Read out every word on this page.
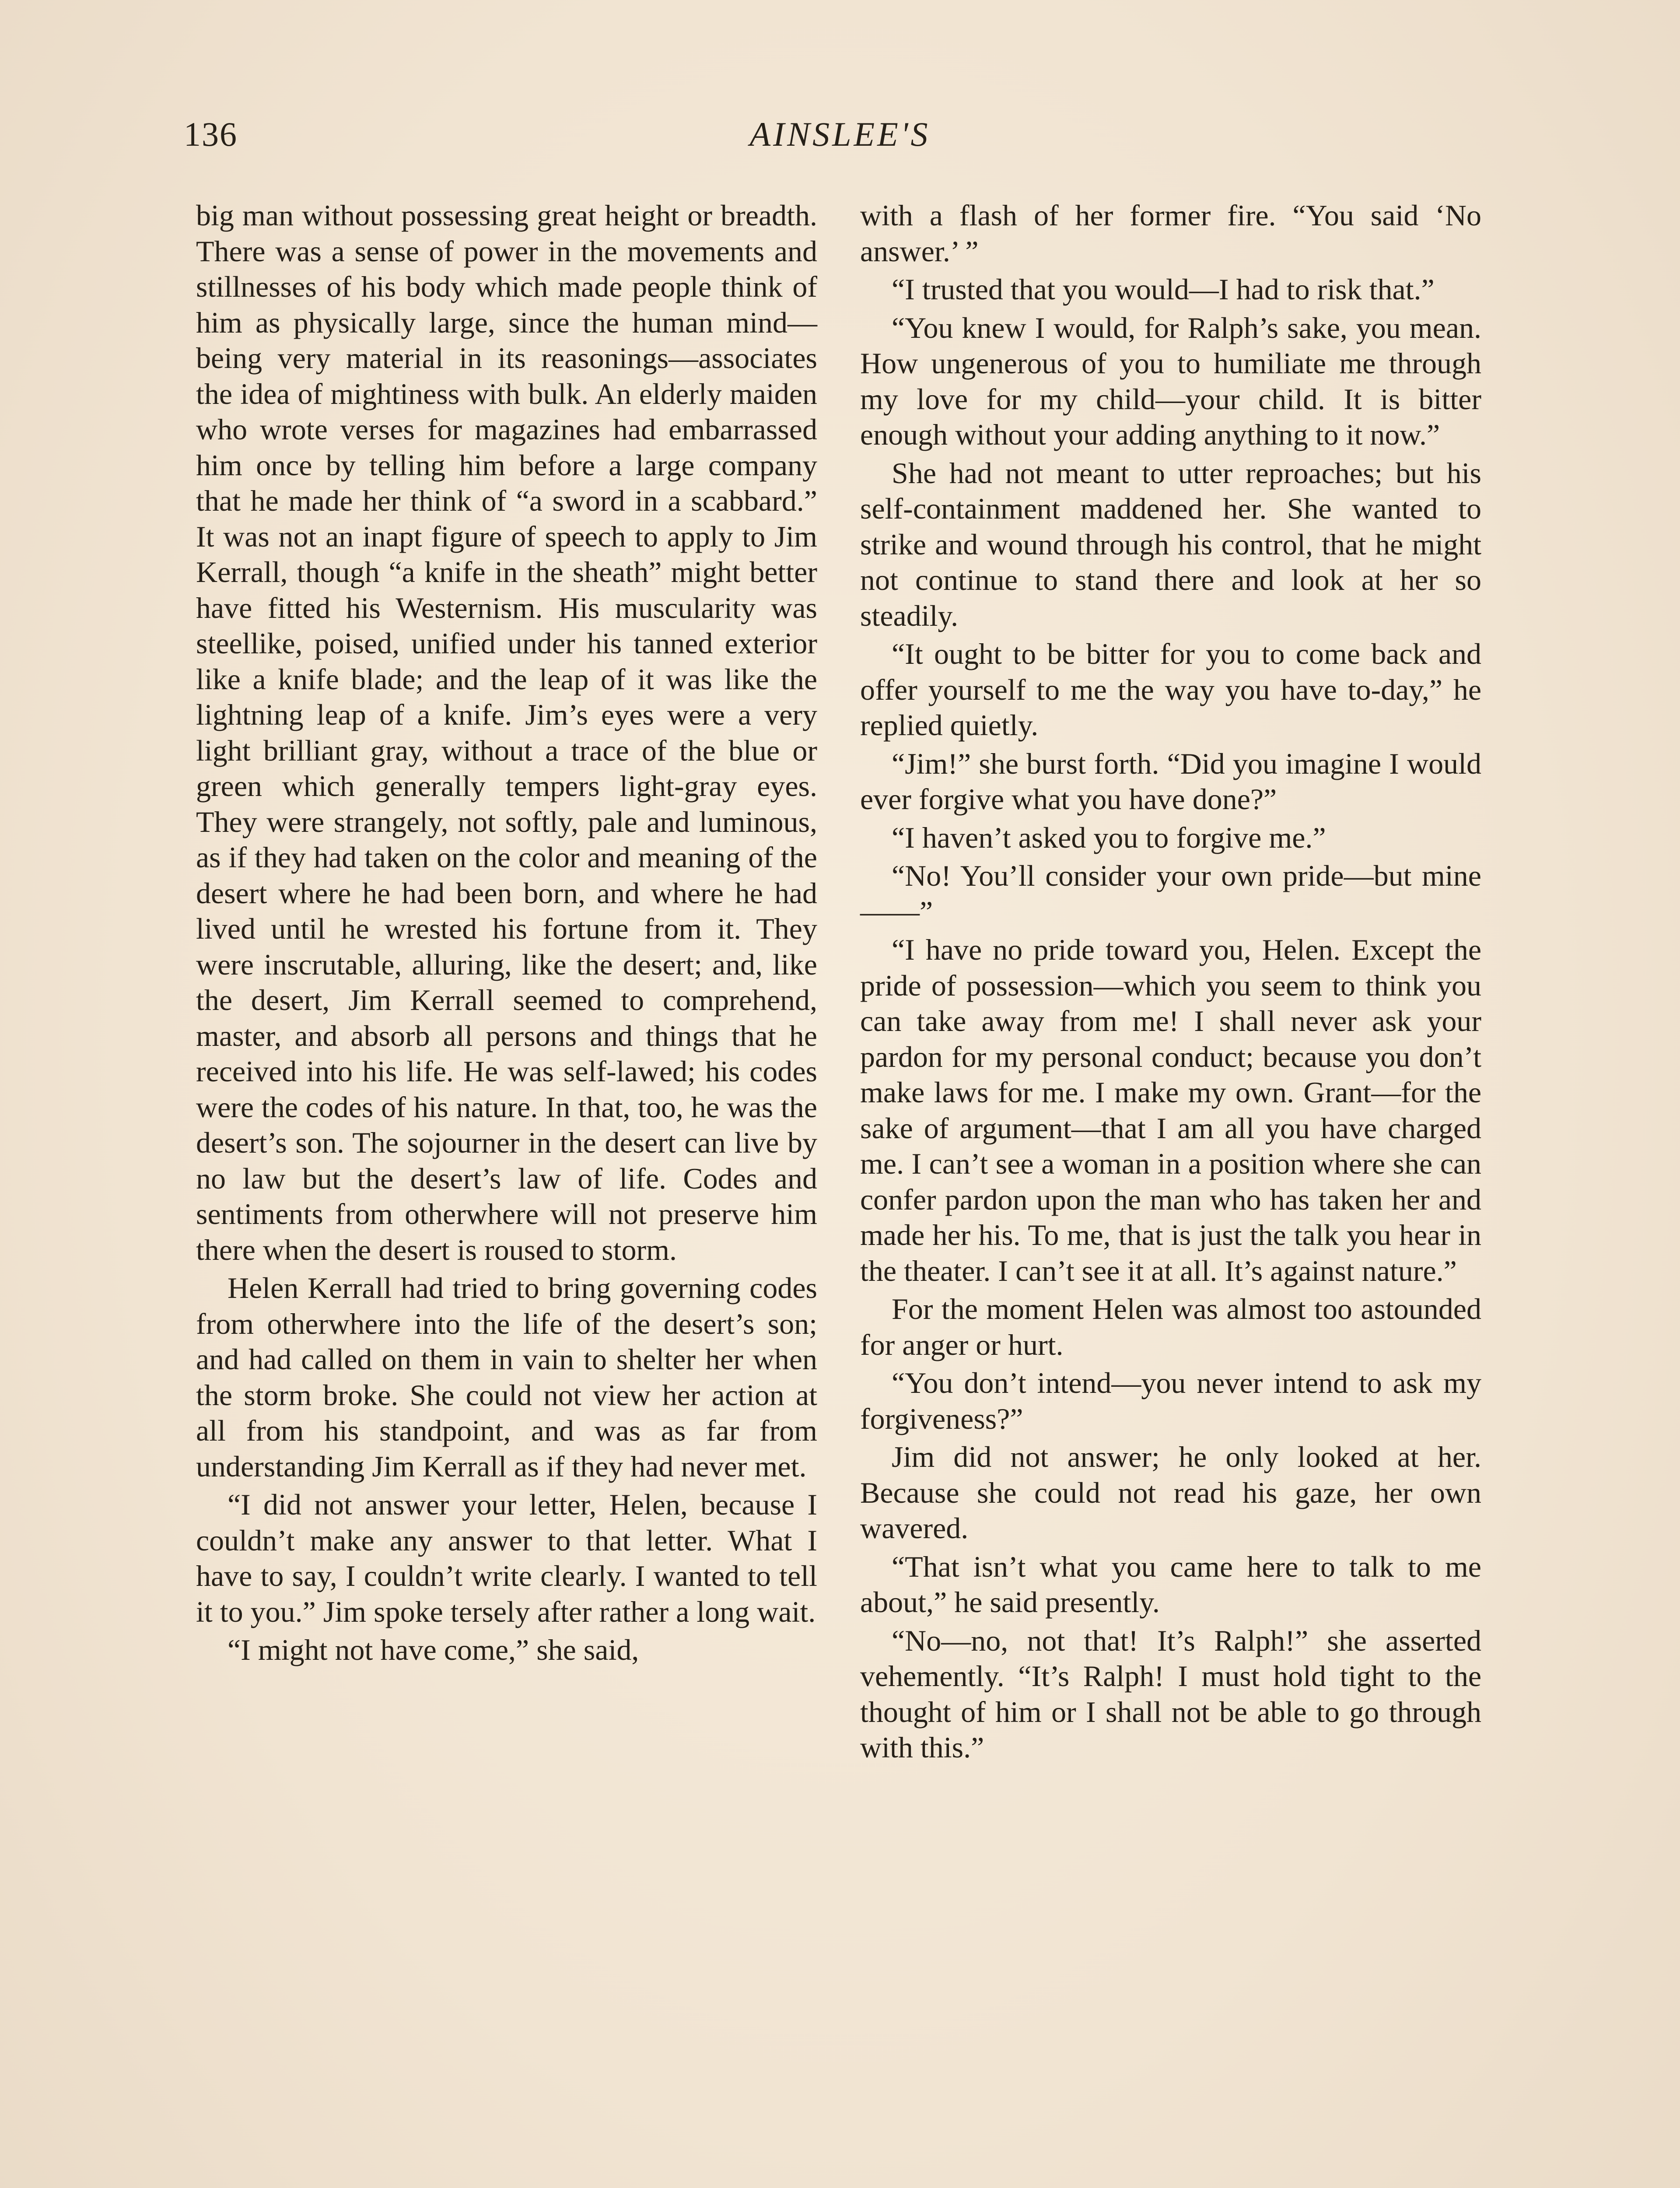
136	AINSLEE'S

big man without possessing great height or breadth. There was a sense of power in the movements and stillnesses of his body which made people think of him as physically large, since the human mind—being very material in its reasonings—associates the idea of mightiness with bulk. An elderly maiden who wrote verses for magazines had embarrassed him once by telling him before a large company that he made her think of “a sword in a scabbard.” It was not an inapt figure of speech to apply to Jim Kerrall, though “a knife in the sheath” might better have fitted his Westernism. His muscularity was steellike, poised, unified under his tanned exterior like a knife blade; and the leap of it was like the lightning leap of a knife. Jim’s eyes were a very light brilliant gray, without a trace of the blue or green which generally tempers light-gray eyes. They were strangely, not softly, pale and luminous, as if they had taken on the color and meaning of the desert where he had been born, and where he had lived until he wrested his fortune from it. They were inscrutable, alluring, like the desert; and, like the desert, Jim Kerrall seemed to comprehend, master, and absorb all persons and things that he received into his life. He was self-lawed; his codes were the codes of his nature. In that, too, he was the desert’s son. The sojourner in the desert can live by no law but the desert’s law of life. Codes and sentiments from otherwhere will not preserve him there when the desert is roused to storm.

Helen Kerrall had tried to bring governing codes from otherwhere into the life of the desert’s son; and had called on them in vain to shelter her when the storm broke. She could not view her action at all from his standpoint, and was as far from understanding Jim Kerrall as if they had never met.

“I did not answer your letter, Helen, because I couldn’t make any answer to that letter. What I have to say, I couldn’t write clearly. I wanted to tell it to you.” Jim spoke tersely after rather a long wait.

“I might not have come,” she said,

with a flash of her former fire. “You said ‘No answer.’ ”

“I trusted that you would—I had to risk that.”

“You knew I would, for Ralph’s sake, you mean. How ungenerous of you to humiliate me through my love for my child—your child. It is bitter enough without your adding anything to it now.”

She had not meant to utter reproaches; but his self-containment maddened her. She wanted to strike and wound through his control, that he might not continue to stand there and look at her so steadily.

“It ought to be bitter for you to come back and offer yourself to me the way you have to-day,” he replied quietly.

“Jim!” she burst forth. “Did you imagine I would ever forgive what you have done?”

“I haven’t asked you to forgive me.”

“No! You’ll consider your own pride—but mine——”

“I have no pride toward you, Helen. Except the pride of possession—which you seem to think you can take away from me! I shall never ask your pardon for my personal conduct; because you don’t make laws for me. I make my own. Grant—for the sake of argument—that I am all you have charged me. I can’t see a woman in a position where she can confer pardon upon the man who has taken her and made her his. To me, that is just the talk you hear in the theater. I can’t see it at all. It’s against nature.”

For the moment Helen was almost too astounded for anger or hurt.

“You don’t intend—you never intend to ask my forgiveness?”

Jim did not answer; he only looked at her. Because she could not read his gaze, her own wavered.

“That isn’t what you came here to talk to me about,” he said presently.

“No—no, not that! It’s Ralph!” she asserted vehemently. “It’s Ralph! I must hold tight to the thought of him or I shall not be able to go through with this.”
